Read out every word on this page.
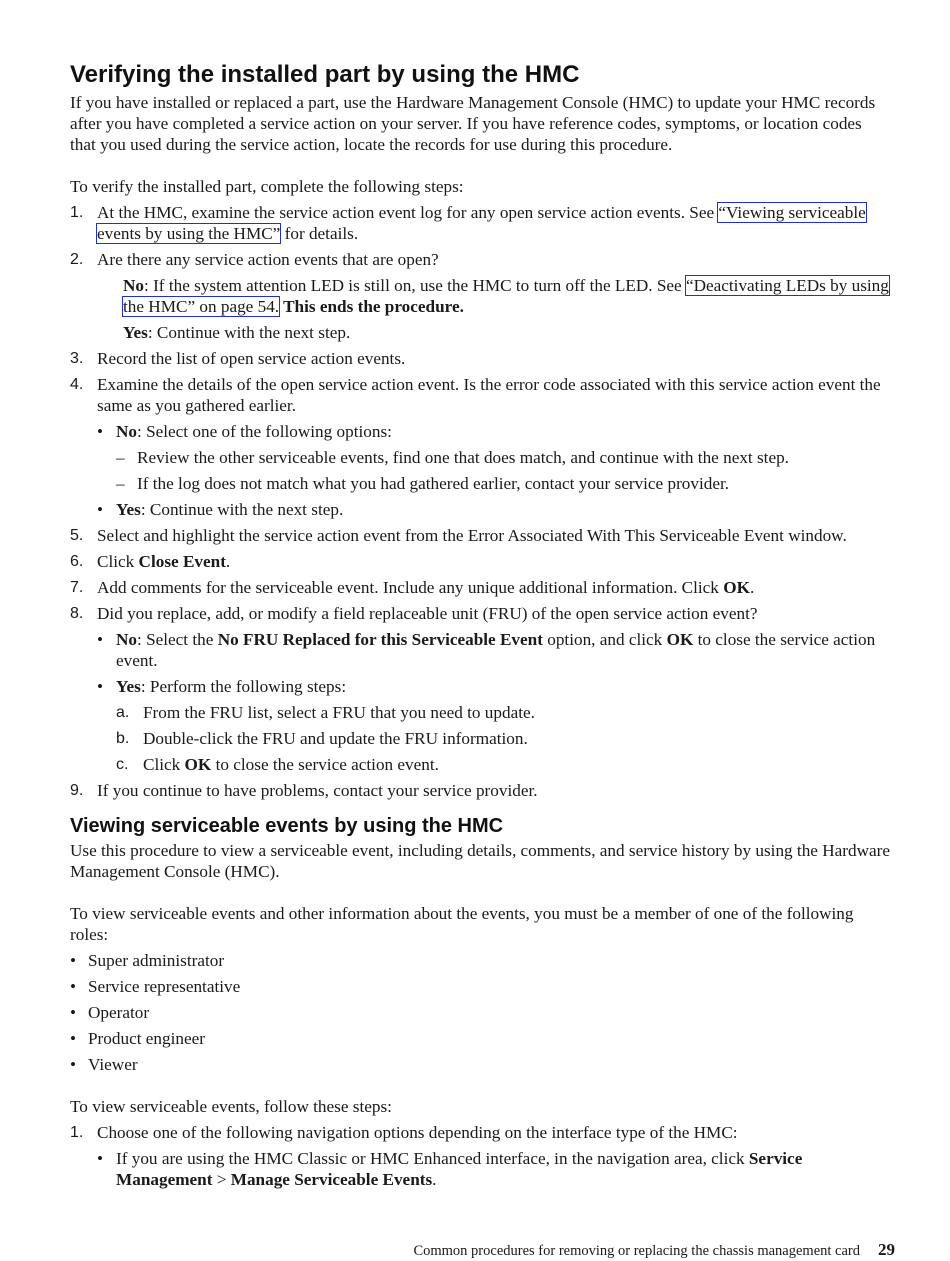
Verifying the installed part by using the HMC

If you have installed or replaced a part, use the Hardware Management Console (HMC) to update your HMC records after you have completed a service action on your server. If you have reference codes, symptoms, or location codes that you used during the service action, locate the records for use during this procedure.

To verify the installed part, complete the following steps:

1. At the HMC, examine the service action event log for any open service action events. See “Viewing serviceable events by using the HMC” for details.
2. Are there any service action events that are open?
No: If the system attention LED is still on, use the HMC to turn off the LED. See “Deactivating LEDs by using the HMC” on page 54. This ends the procedure.
Yes: Continue with the next step.
3. Record the list of open service action events.
4. Examine the details of the open service action event. Is the error code associated with this service action event the same as you gathered earlier.
• No: Select one of the following options:
– Review the other serviceable events, find one that does match, and continue with the next step.
– If the log does not match what you had gathered earlier, contact your service provider.
• Yes: Continue with the next step.
5. Select and highlight the service action event from the Error Associated With This Serviceable Event window.
6. Click Close Event.
7. Add comments for the serviceable event. Include any unique additional information. Click OK.
8. Did you replace, add, or modify a field replaceable unit (FRU) of the open service action event?
• No: Select the No FRU Replaced for this Serviceable Event option, and click OK to close the service action event.
• Yes: Perform the following steps:
a. From the FRU list, select a FRU that you need to update.
b. Double-click the FRU and update the FRU information.
c. Click OK to close the service action event.
9. If you continue to have problems, contact your service provider.
Viewing serviceable events by using the HMC

Use this procedure to view a serviceable event, including details, comments, and service history by using the Hardware Management Console (HMC).

To view serviceable events and other information about the events, you must be a member of one of the following roles:

• Super administrator
• Service representative
• Operator
• Product engineer
• Viewer

To view serviceable events, follow these steps:

1. Choose one of the following navigation options depending on the interface type of the HMC:
• If you are using the HMC Classic or HMC Enhanced interface, in the navigation area, click Service Management > Manage Serviceable Events.
Common procedures for removing or replacing the chassis management card 29
